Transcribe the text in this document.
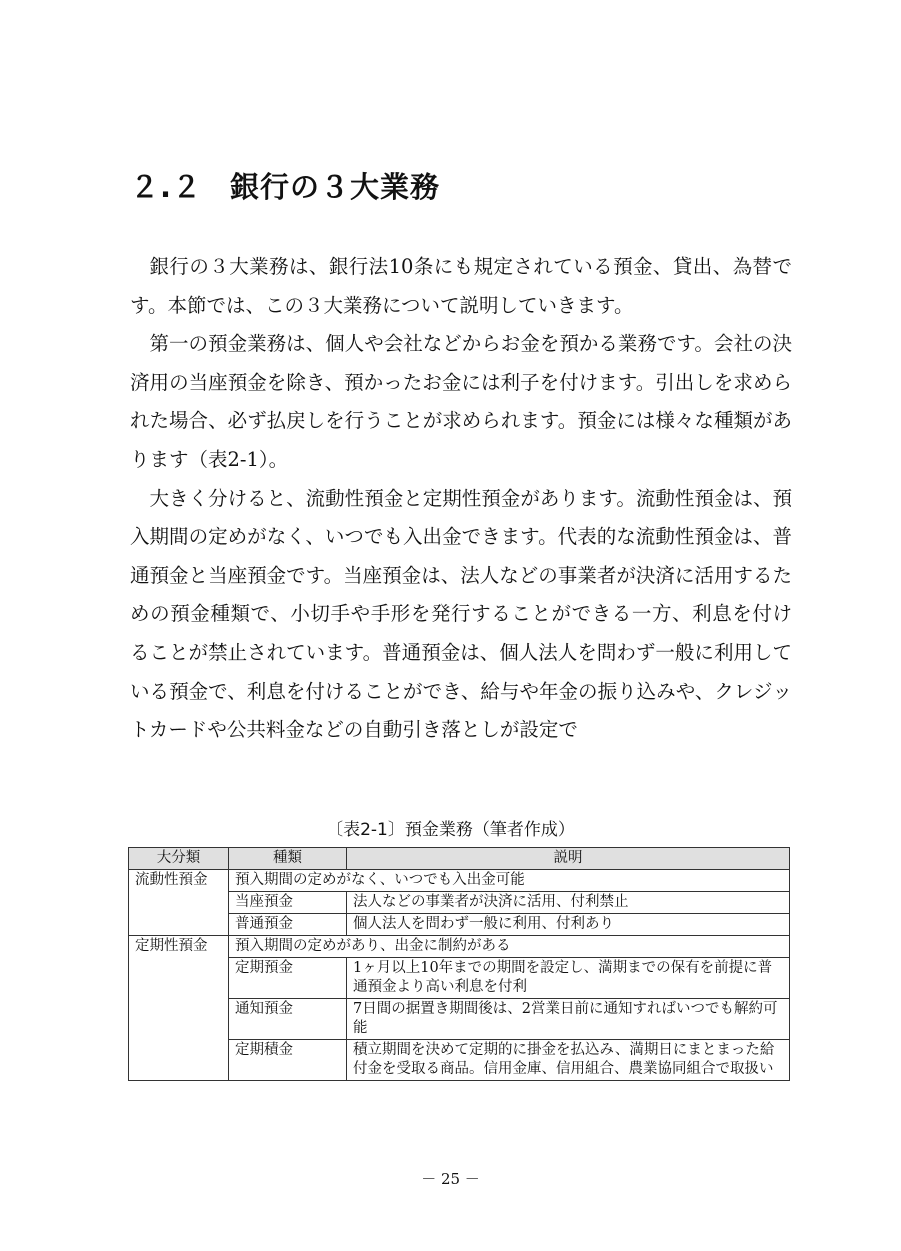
２.２ 銀行の３大業務

銀行の３大業務は、銀行法10条にも規定されている預金、貸出、為替です。本節では、この３大業務について説明していきます。

第一の預金業務は、個人や会社などからお金を預かる業務です。会社の決済用の当座預金を除き、預かったお金には利子を付けます。引出しを求められた場合、必ず払戻しを行うことが求められます。預金には様々な種類があります（表2-1）。

大きく分けると、流動性預金と定期性預金があります。流動性預金は、預入期間の定めがなく、いつでも入出金できます。代表的な流動性預金は、普通預金と当座預金です。当座預金は、法人などの事業者が決済に活用するための預金種類で、小切手や手形を発行することができる一方、利息を付けることが禁止されています。普通預金は、個人法人を問わず一般に利用している預金で、利息を付けることができ、給与や年金の振り込みや、クレジットカードや公共料金などの自動引き落としが設定で

〔表2-1〕預金業務（筆者作成）
大分類	種類	説明
流動性預金	預入期間の定めがなく、いつでも入出金可能	
	当座預金	法人などの事業者が決済に活用、付利禁止
	普通預金	個人法人を問わず一般に利用、付利あり
定期性預金	預入期間の定めがあり、出金に制約がある	
	定期預金	1ヶ月以上10年までの期間を設定し、満期までの保有を前提に普通預金より高い利息を付利
	通知預金	7日間の据置き期間後は、2営業日前に通知すればいつでも解約可能
	定期積金	積立期間を決めて定期的に掛金を払込み、満期日にまとまった給付金を受取る商品。信用金庫、信用組合、農業協同組合で取扱い
－ 25 －
